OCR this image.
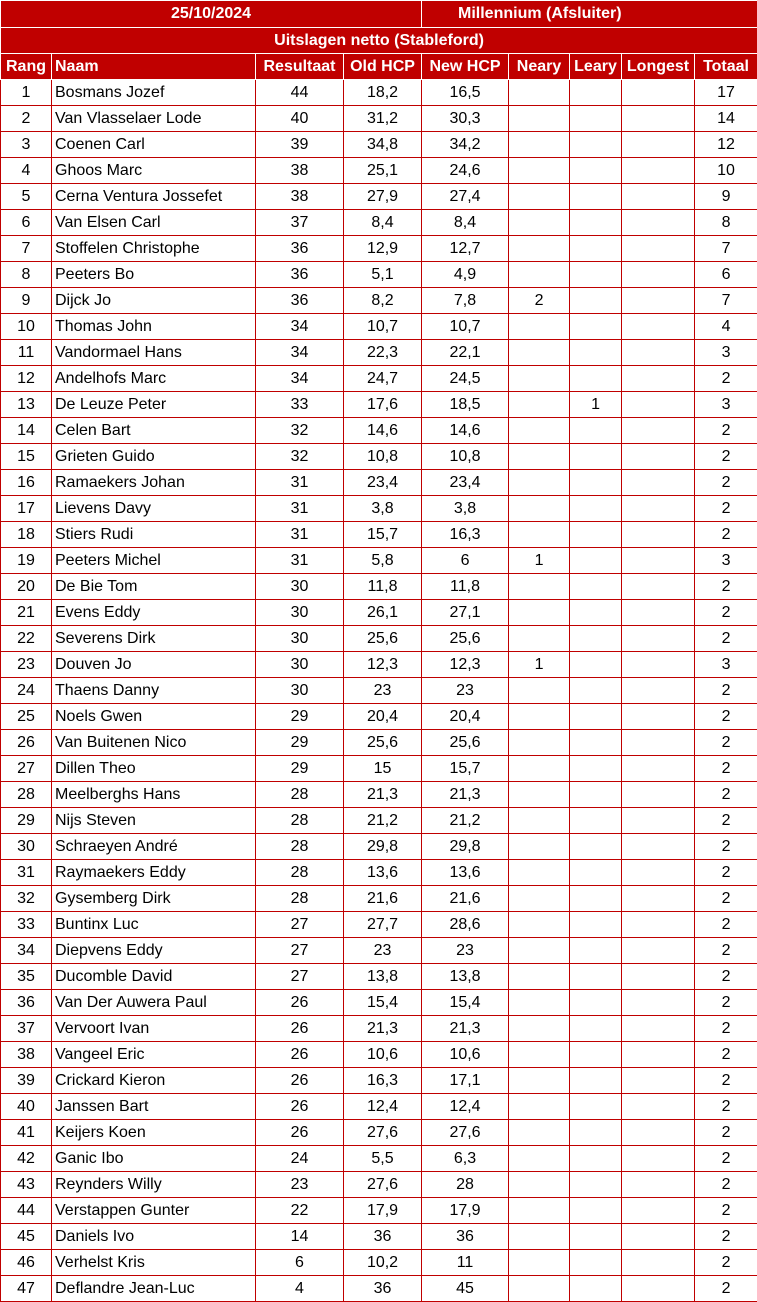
25/10/2024				Millennium (Afsluiter)				
Uitslagen netto (Stableford)								
Rang	Naam	Resultaat	Old HCP	New HCP	Neary	Leary	Longest	Totaal
1	Bosmans Jozef	44	18,2	16,5				17
2	Van Vlasselaer Lode	40	31,2	30,3				14
3	Coenen Carl	39	34,8	34,2				12
4	Ghoos Marc	38	25,1	24,6				10
5	Cerna Ventura Jossefet	38	27,9	27,4				9
6	Van Elsen Carl	37	8,4	8,4				8
7	Stoffelen Christophe	36	12,9	12,7				7
8	Peeters Bo	36	5,1	4,9				6
9	Dijck Jo	36	8,2	7,8	2			7
10	Thomas John	34	10,7	10,7				4
11	Vandormael Hans	34	22,3	22,1				3
12	Andelhofs Marc	34	24,7	24,5				2
13	De Leuze Peter	33	17,6	18,5		1		3
14	Celen Bart	32	14,6	14,6				2
15	Grieten Guido	32	10,8	10,8				2
16	Ramaekers Johan	31	23,4	23,4				2
17	Lievens Davy	31	3,8	3,8				2
18	Stiers Rudi	31	15,7	16,3				2
19	Peeters Michel	31	5,8	6	1			3
20	De Bie Tom	30	11,8	11,8				2
21	Evens Eddy	30	26,1	27,1				2
22	Severens Dirk	30	25,6	25,6				2
23	Douven Jo	30	12,3	12,3	1			3
24	Thaens Danny	30	23	23				2
25	Noels Gwen	29	20,4	20,4				2
26	Van Buitenen Nico	29	25,6	25,6				2
27	Dillen Theo	29	15	15,7				2
28	Meelberghs Hans	28	21,3	21,3				2
29	Nijs Steven	28	21,2	21,2				2
30	Schraeyen André	28	29,8	29,8				2
31	Raymaekers Eddy	28	13,6	13,6				2
32	Gysemberg Dirk	28	21,6	21,6				2
33	Buntinx Luc	27	27,7	28,6				2
34	Diepvens Eddy	27	23	23				2
35	Ducomble David	27	13,8	13,8				2
36	Van Der Auwera Paul	26	15,4	15,4				2
37	Vervoort Ivan	26	21,3	21,3				2
38	Vangeel Eric	26	10,6	10,6				2
39	Crickard Kieron	26	16,3	17,1				2
40	Janssen Bart	26	12,4	12,4				2
41	Keijers Koen	26	27,6	27,6				2
42	Ganic Ibo	24	5,5	6,3				2
43	Reynders Willy	23	27,6	28				2
44	Verstappen Gunter	22	17,9	17,9				2
45	Daniels Ivo	14	36	36				2
46	Verhelst Kris	6	10,2	11				2
47	Deflandre Jean-Luc	4	36	45				2
